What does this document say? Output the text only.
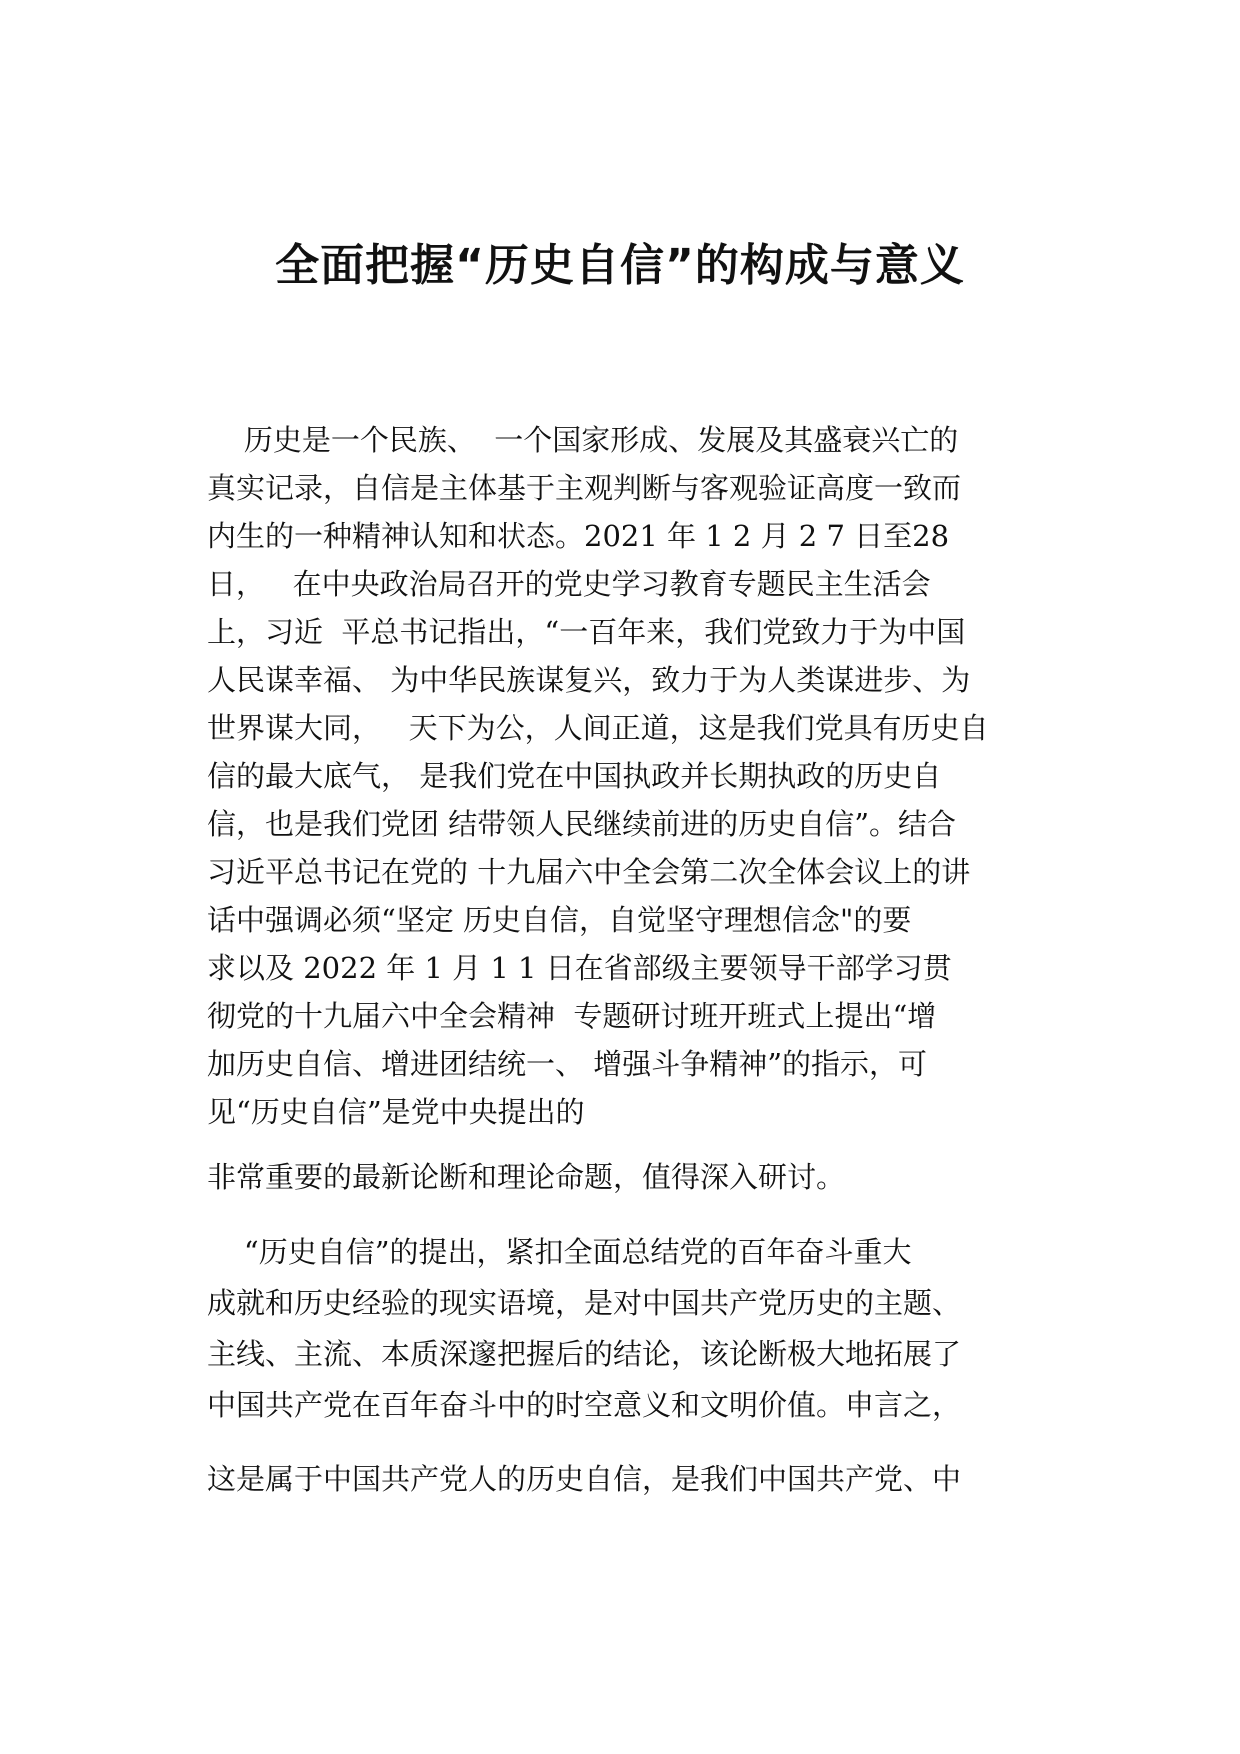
全面把握“历史自信”的构成与意义
历史是一个民族、  一个国家形成、发展及其盛衰兴亡的
真实记录，自信是主体基于主观判断与客观验证高度一致而
内生的一种精神认知和状态。2021 年 1 2 月 2 7 日至28
日，   在中央政治局召开的党史学习教育专题民主生活会
上，习近  平总书记指出，“一百年来，我们党致力于为中国
人民谋幸福、 为中华民族谋复兴，致力于为人类谋进步、为
世界谋大同，   天下为公，人间正道，这是我们党具有历史自
信的最大底气， 是我们党在中国执政并长期执政的历史自
信，也是我们党团 结带领人民继续前进的历史自信”。结合
习近平总书记在党的 十九届六中全会第二次全体会议上的讲
话中强调必须“坚定 历史自信，自觉坚守理想信念"的要
求以及 2022 年 1 月 1 1 日在省部级主要领导干部学习贯
彻党的十九届六中全会精神  专题研讨班开班式上提出“增
加历史自信、增进团结统一、 增强斗争精神”的指示，可
见“历史自信”是党中央提出的
非常重要的最新论断和理论命题，值得深入研讨。
“历史自信”的提出，紧扣全面总结党的百年奋斗重大
成就和历史经验的现实语境，是对中国共产党历史的主题、
主线、主流、本质深邃把握后的结论，该论断极大地拓展了
中国共产党在百年奋斗中的时空意义和文明价值。申言之，
这是属于中国共产党人的历史自信，是我们中国共产党、中
